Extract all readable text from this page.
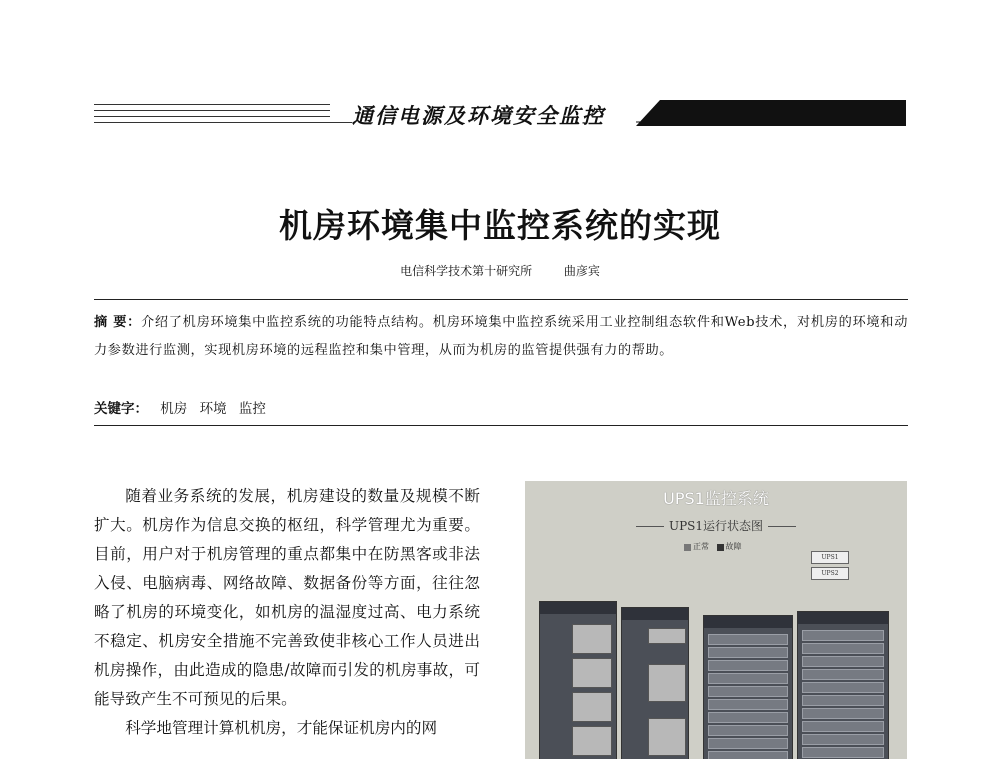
通信电源及环境安全监控
机房环境集中监控系统的实现
电信科学技术第十研究所	曲彦宾
摘 要：介绍了机房环境集中监控系统的功能特点结构。机房环境集中监控系统采用工业控制组态软件和Web技术，对机房的环境和动力参数进行监测，实现机房环境的远程监控和集中管理，从而为机房的监管提供强有力的帮助。
关键字： 机房 环境 监控

随着业务系统的发展，机房建设的数量及规模不断扩大。机房作为信息交换的枢纽，科学管理尤为重要。目前，用户对于机房管理的重点都集中在防黑客或非法入侵、电脑病毒、网络故障、数据备份等方面，往往忽略了机房的环境变化，如机房的温湿度过高、电力系统不稳定、机房安全措施不完善致使非核心工作人员进出机房操作，由此造成的隐患/故障而引发的机房事故，可能导致产生不可预见的后果。

科学地管理计算机机房，才能保证机房内的网

UPS1监控系统
UPS1运行状态图
正常 故障
UPS1
UPS2
